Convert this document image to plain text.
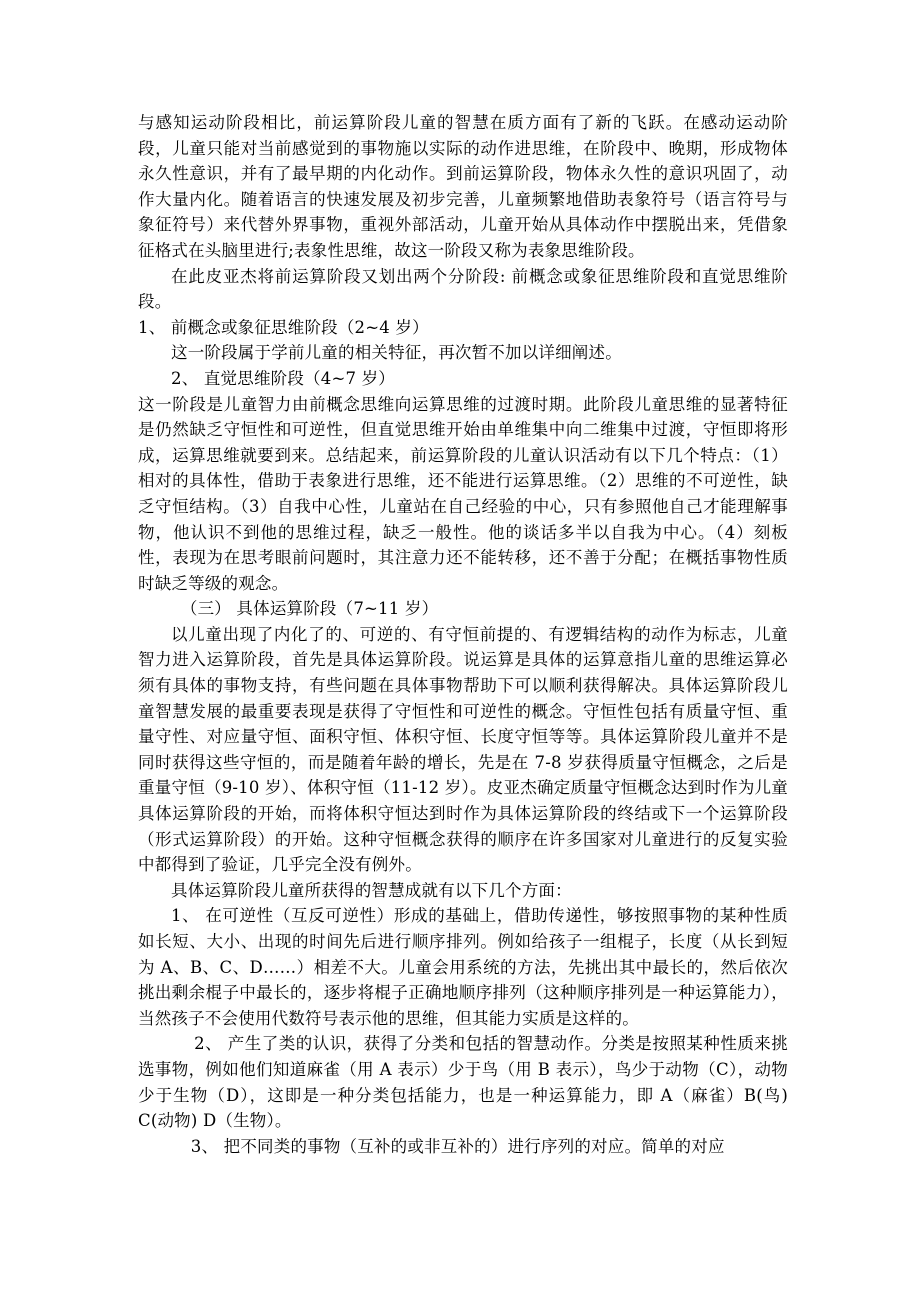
与感知运动阶段相比，前运算阶段儿童的智慧在质方面有了新的飞跃。在感动运动阶段，儿童只能对当前感觉到的事物施以实际的动作进思维，在阶段中、晚期，形成物体永久性意识，并有了最早期的内化动作。到前运算阶段，物体永久性的意识巩固了，动作大量内化。随着语言的快速发展及初步完善，儿童频繁地借助表象符号（语言符号与象征符号）来代替外界事物，重视外部活动，儿童开始从具体动作中摆脱出来，凭借象征格式在头脑里进行;表象性思维，故这一阶段又称为表象思维阶段。

在此皮亚杰将前运算阶段又划出两个分阶段: 前概念或象征思维阶段和直觉思维阶段。

1、 前概念或象征思维阶段（2~4 岁）

这一阶段属于学前儿童的相关特征，再次暂不加以详细阐述。

2、 直觉思维阶段（4~7 岁）

这一阶段是儿童智力由前概念思维向运算思维的过渡时期。此阶段儿童思维的显著特征是仍然缺乏守恒性和可逆性，但直觉思维开始由单维集中向二维集中过渡，守恒即将形成，运算思维就要到来。总结起来，前运算阶段的儿童认识活动有以下几个特点：（1）相对的具体性，借助于表象进行思维，还不能进行运算思维。（2）思维的不可逆性，缺乏守恒结构。（3）自我中心性，儿童站在自己经验的中心，只有参照他自己才能理解事物，他认识不到他的思维过程，缺乏一般性。他的谈话多半以自我为中心。（4）刻板性，表现为在思考眼前问题时，其注意力还不能转移，还不善于分配；在概括事物性质时缺乏等级的观念。

（三） 具体运算阶段（7~11 岁）

以儿童出现了内化了的、可逆的、有守恒前提的、有逻辑结构的动作为标志，儿童智力进入运算阶段，首先是具体运算阶段。说运算是具体的运算意指儿童的思维运算必须有具体的事物支持，有些问题在具体事物帮助下可以顺利获得解决。具体运算阶段儿童智慧发展的最重要表现是获得了守恒性和可逆性的概念。守恒性包括有质量守恒、重量守性、对应量守恒、面积守恒、体积守恒、长度守恒等等。具体运算阶段儿童并不是同时获得这些守恒的，而是随着年龄的增长，先是在 7-8 岁获得质量守恒概念，之后是重量守恒（9-10 岁）、体积守恒（11-12 岁）。皮亚杰确定质量守恒概念达到时作为儿童具体运算阶段的开始，而将体积守恒达到时作为具体运算阶段的终结或下一个运算阶段（形式运算阶段）的开始。这种守恒概念获得的顺序在许多国家对儿童进行的反复实验中都得到了验证，几乎完全没有例外。

具体运算阶段儿童所获得的智慧成就有以下几个方面：

1、 在可逆性（互反可逆性）形成的基础上，借助传递性，够按照事物的某种性质如长短、大小、出现的时间先后进行顺序排列。例如给孩子一组棍子，长度（从长到短为 A、B、C、D……）相差不大。儿童会用系统的方法，先挑出其中最长的，然后依次挑出剩余棍子中最长的，逐步将棍子正确地顺序排列（这种顺序排列是一种运算能力），当然孩子不会使用代数符号表示他的思维，但其能力实质是这样的。

2、 产生了类的认识，获得了分类和包括的智慧动作。分类是按照某种性质来挑选事物，例如他们知道麻雀（用 A 表示）少于鸟（用 B 表示），鸟少于动物（C），动物少于生物（D），这即是一种分类包括能力，也是一种运算能力，即 A（麻雀）B(鸟) C(动物) D（生物）。

3、 把不同类的事物（互补的或非互补的）进行序列的对应。简单的对应
